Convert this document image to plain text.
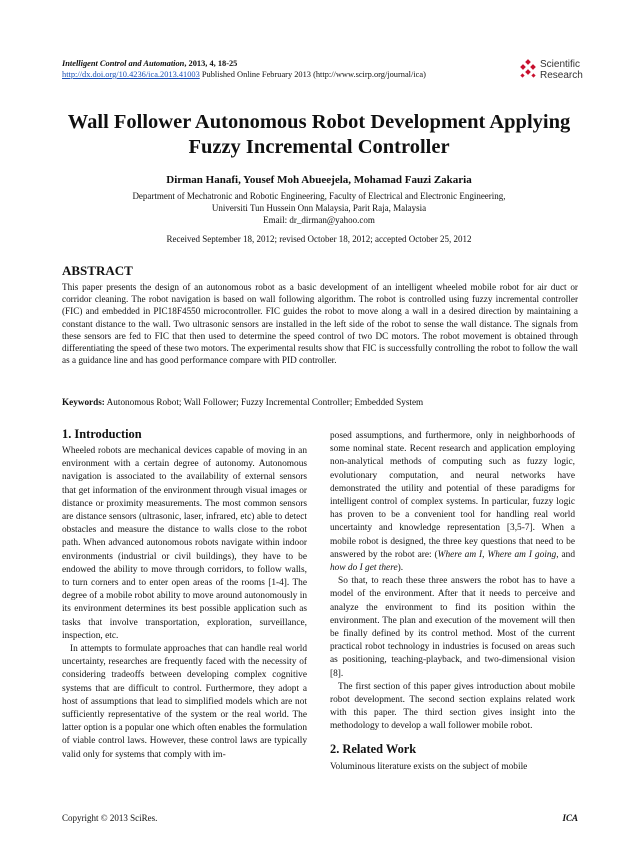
Intelligent Control and Automation, 2013, 4, 18-25
http://dx.doi.org/10.4236/ica.2013.41003 Published Online February 2013 (http://www.scirp.org/journal/ica)
Scientific
Research
Wall Follower Autonomous Robot Development Applying Fuzzy Incremental Controller
Dirman Hanafi, Yousef Moh Abueejela, Mohamad Fauzi Zakaria
Department of Mechatronic and Robotic Engineering, Faculty of Electrical and Electronic Engineering,
Universiti Tun Hussein Onn Malaysia, Parit Raja, Malaysia
Email: dr_dirman@yahoo.com
Received September 18, 2012; revised October 18, 2012; accepted October 25, 2012
ABSTRACT
This paper presents the design of an autonomous robot as a basic development of an intelligent wheeled mobile robot for air duct or corridor cleaning. The robot navigation is based on wall following algorithm. The robot is controlled using fuzzy incremental controller (FIC) and embedded in PIC18F4550 microcontroller. FIC guides the robot to move along a wall in a desired direction by maintaining a constant distance to the wall. Two ultrasonic sensors are installed in the left side of the robot to sense the wall distance. The signals from these sensors are fed to FIC that then used to determine the speed control of two DC motors. The robot movement is obtained through differentiating the speed of these two motors. The experimental results show that FIC is successfully controlling the robot to follow the wall as a guidance line and has good performance compare with PID controller.
Keywords: Autonomous Robot; Wall Follower; Fuzzy Incremental Controller; Embedded System
1. Introduction

Wheeled robots are mechanical devices capable of moving in an environment with a certain degree of autonomy. Autonomous navigation is associated to the availability of external sensors that get information of the environment through visual images or distance or proximity measurements. The most common sensors are distance sensors (ultrasonic, laser, infrared, etc) able to detect obstacles and measure the distance to walls close to the robot path. When advanced autonomous robots navigate within indoor environments (industrial or civil buildings), they have to be endowed the ability to move through corridors, to follow walls, to turn corners and to enter open areas of the rooms [1-4]. The degree of a mobile robot ability to move around autonomously in its environment determines its best possible application such as tasks that involve transportation, exploration, surveillance, inspection, etc.

In attempts to formulate approaches that can handle real world uncertainty, researches are frequently faced with the necessity of considering tradeoffs between developing complex cognitive systems that are difficult to control. Furthermore, they adopt a host of assumptions that lead to simplified models which are not sufficiently representative of the system or the real world. The latter option is a popular one which often enables the formulation of viable control laws. However, these control laws are typically valid only for systems that comply with im-

posed assumptions, and furthermore, only in neighborhoods of some nominal state. Recent research and application employing non-analytical methods of computing such as fuzzy logic, evolutionary computation, and neural networks have demonstrated the utility and potential of these paradigms for intelligent control of complex systems. In particular, fuzzy logic has proven to be a convenient tool for handling real world uncertainty and knowledge representation [3,5-7]. When a mobile robot is designed, the three key questions that need to be answered by the robot are: (Where am I, Where am I going, and how do I get there).

So that, to reach these three answers the robot has to have a model of the environment. After that it needs to perceive and analyze the environment to find its position within the environment. The plan and execution of the movement will then be finally defined by its control method. Most of the current practical robot technology in industries is focused on areas such as positioning, teaching-playback, and two-dimensional vision [8].

The first section of this paper gives introduction about mobile robot development. The second section explains related work with this paper. The third section gives insight into the methodology to develop a wall follower mobile robot.

2. Related Work

Voluminous literature exists on the subject of mobile

Copyright © 2013 SciRes.	ICA
